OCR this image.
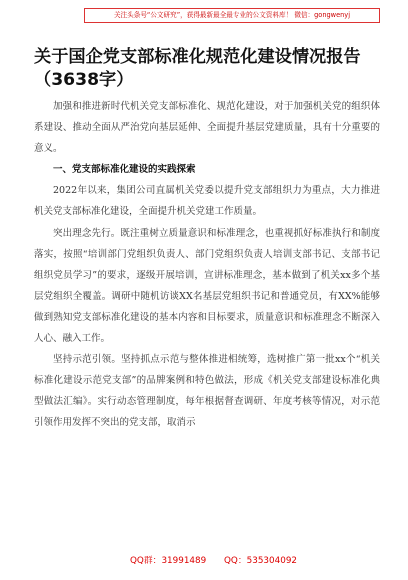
关注头条号“公文研究”，获得最新最全最专业的公文资料库！ 微信：gongwenyj
关于国企党支部标准化规范化建设情况报告（3638字）

加强和推进新时代机关党支部标准化、规范化建设，对于加强机关党的组织体系建设、推动全面从严治党向基层延伸、全面提升基层党建质量，具有十分重要的意义。

一、党支部标准化建设的实践探索

2022年以来，集团公司直属机关党委以提升党支部组织力为重点，大力推进机关党支部标准化建设，全面提升机关党建工作质量。

突出理念先行。既注重树立质量意识和标准理念，也重视抓好标准执行和制度落实，按照“培训部门党组织负责人、部门党组织负责人培训支部书记、支部书记组织党员学习”的要求，逐级开展培训，宣讲标准理念，基本做到了机关xx多个基层党组织全覆盖。调研中随机访谈XX名基层党组织书记和普通党员，有XX%能够做到熟知党支部标准化建设的基本内容和目标要求，质量意识和标准理念不断深入人心、融入工作。

坚持示范引领。坚持抓点示范与整体推进相统筹，选树推广第一批xx个“机关标准化建设示范党支部”的品牌案例和特色做法，形成《机关党支部建设标准化典型做法汇编》。实行动态管理制度，每年根据督查调研、年度考核等情况，对示范引领作用发挥不突出的党支部，取消示

QQ群：31991489 QQ：535304092
